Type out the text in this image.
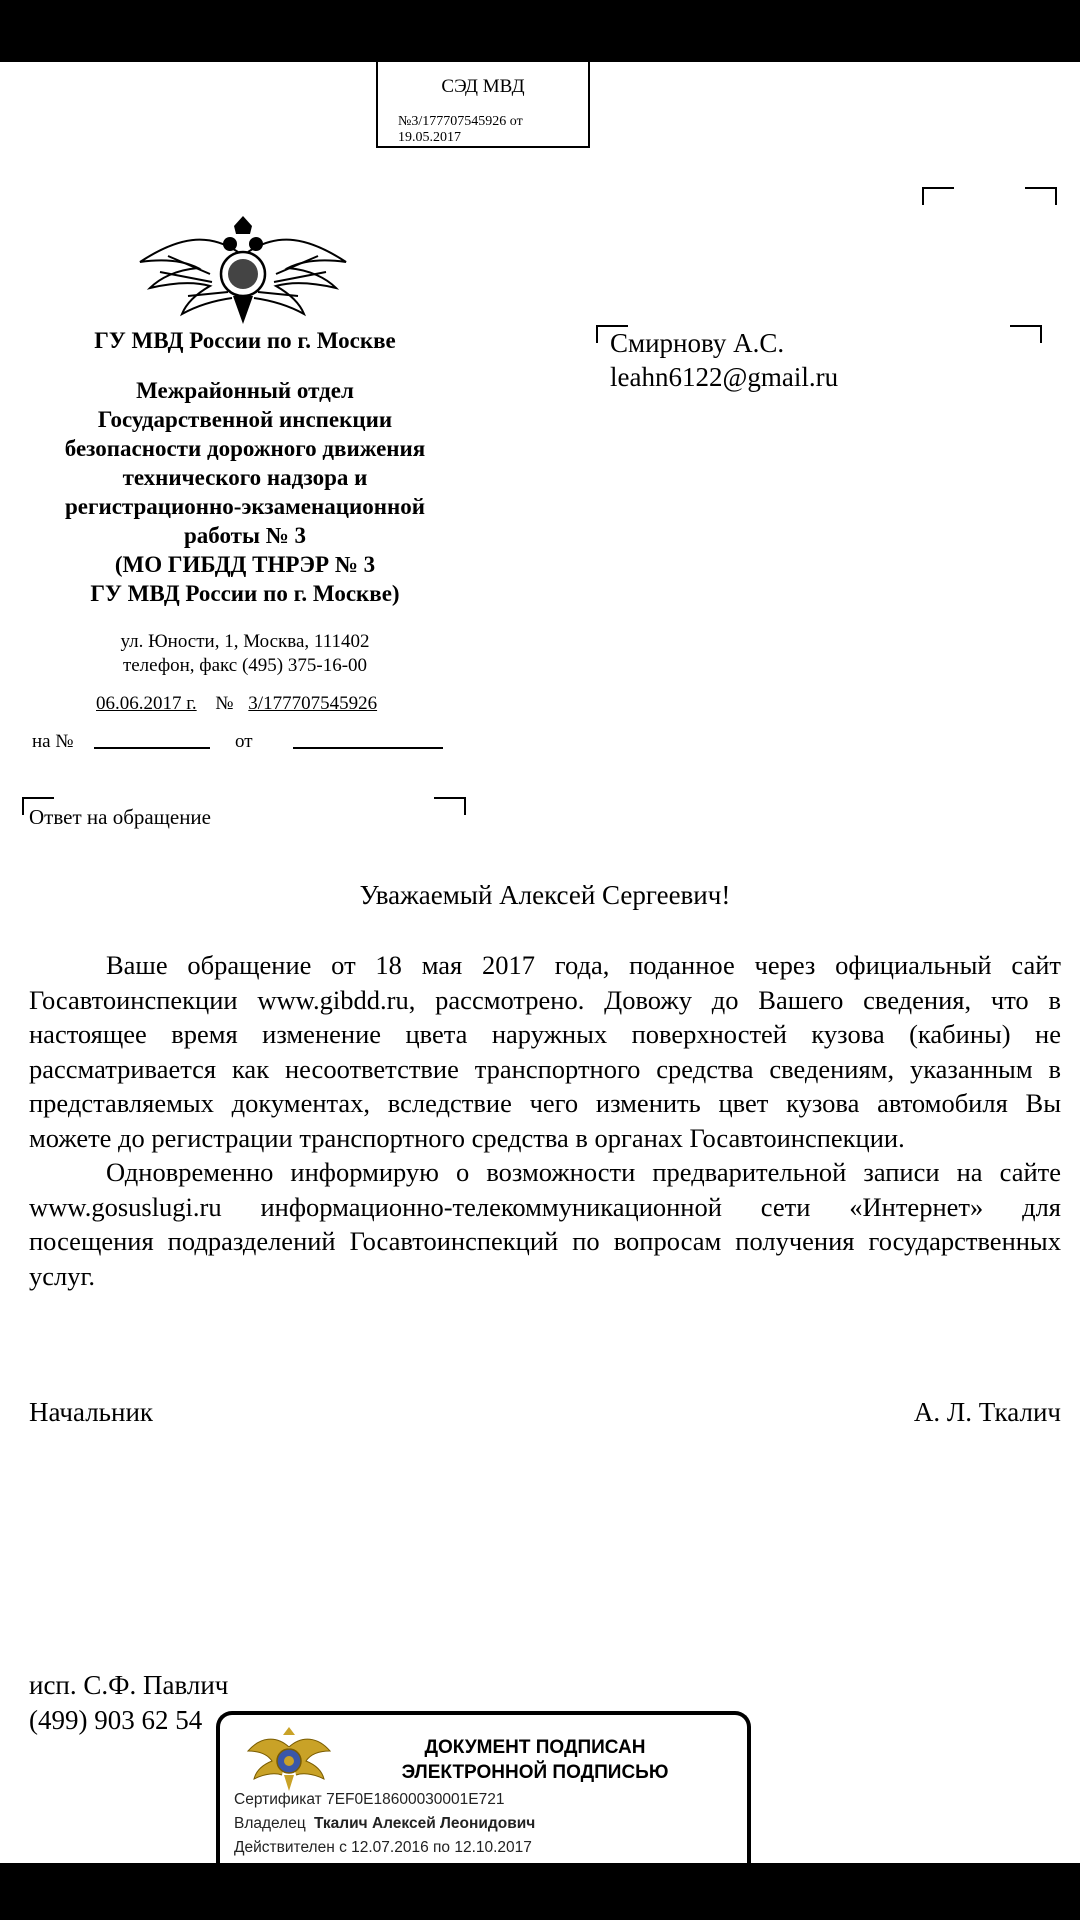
СЭД МВД
№3/177707545926 от
19.05.2017
ГУ МВД России по г. Москве
Межрайонный отдел
Государственной инспекции
безопасности дорожного движения
технического надзора и
регистрационно-экзаменационной
работы № 3
(МО ГИБДД ТНРЭР № 3
ГУ МВД России по г. Москве)
ул. Юности, 1, Москва, 111402
телефон, факс (495) 375-16-00
06.06.2017 г. № 3/177707545926
на №	от
Ответ на обращение
Смирнову А.С.
leahn6122@gmail.ru
Уважаемый Алексей Сергеевич!

Ваше обращение от 18 мая 2017 года, поданное через официальный сайт Госавтоинспекции www.gibdd.ru, рассмотрено. Довожу до Вашего сведения, что в настоящее время изменение цвета наружных поверхностей кузова (кабины) не рассматривается как несоответствие транспортного средства сведениям, указанным в представляемых документах, вследствие чего изменить цвет кузова автомобиля Вы можете до регистрации транспортного средства в органах Госавтоинспекции.

Одновременно информирую о возможности предварительной записи на сайте www.gosuslugi.ru информационно-телекоммуникационной сети «Интернет» для посещения подразделений Госавтоинспекций по вопросам получения государственных услуг.

Начальник	А. Л. Ткалич
исп. С.Ф. Павлич
(499) 903 62 54
ДОКУМЕНТ ПОДПИСАН
ЭЛЕКТРОННОЙ ПОДПИСЬЮ
Сертификат 7EF0E18600030001E721
Владелец Ткалич Алексей Леонидович
Действителен с 12.07.2016 по 12.10.2017
